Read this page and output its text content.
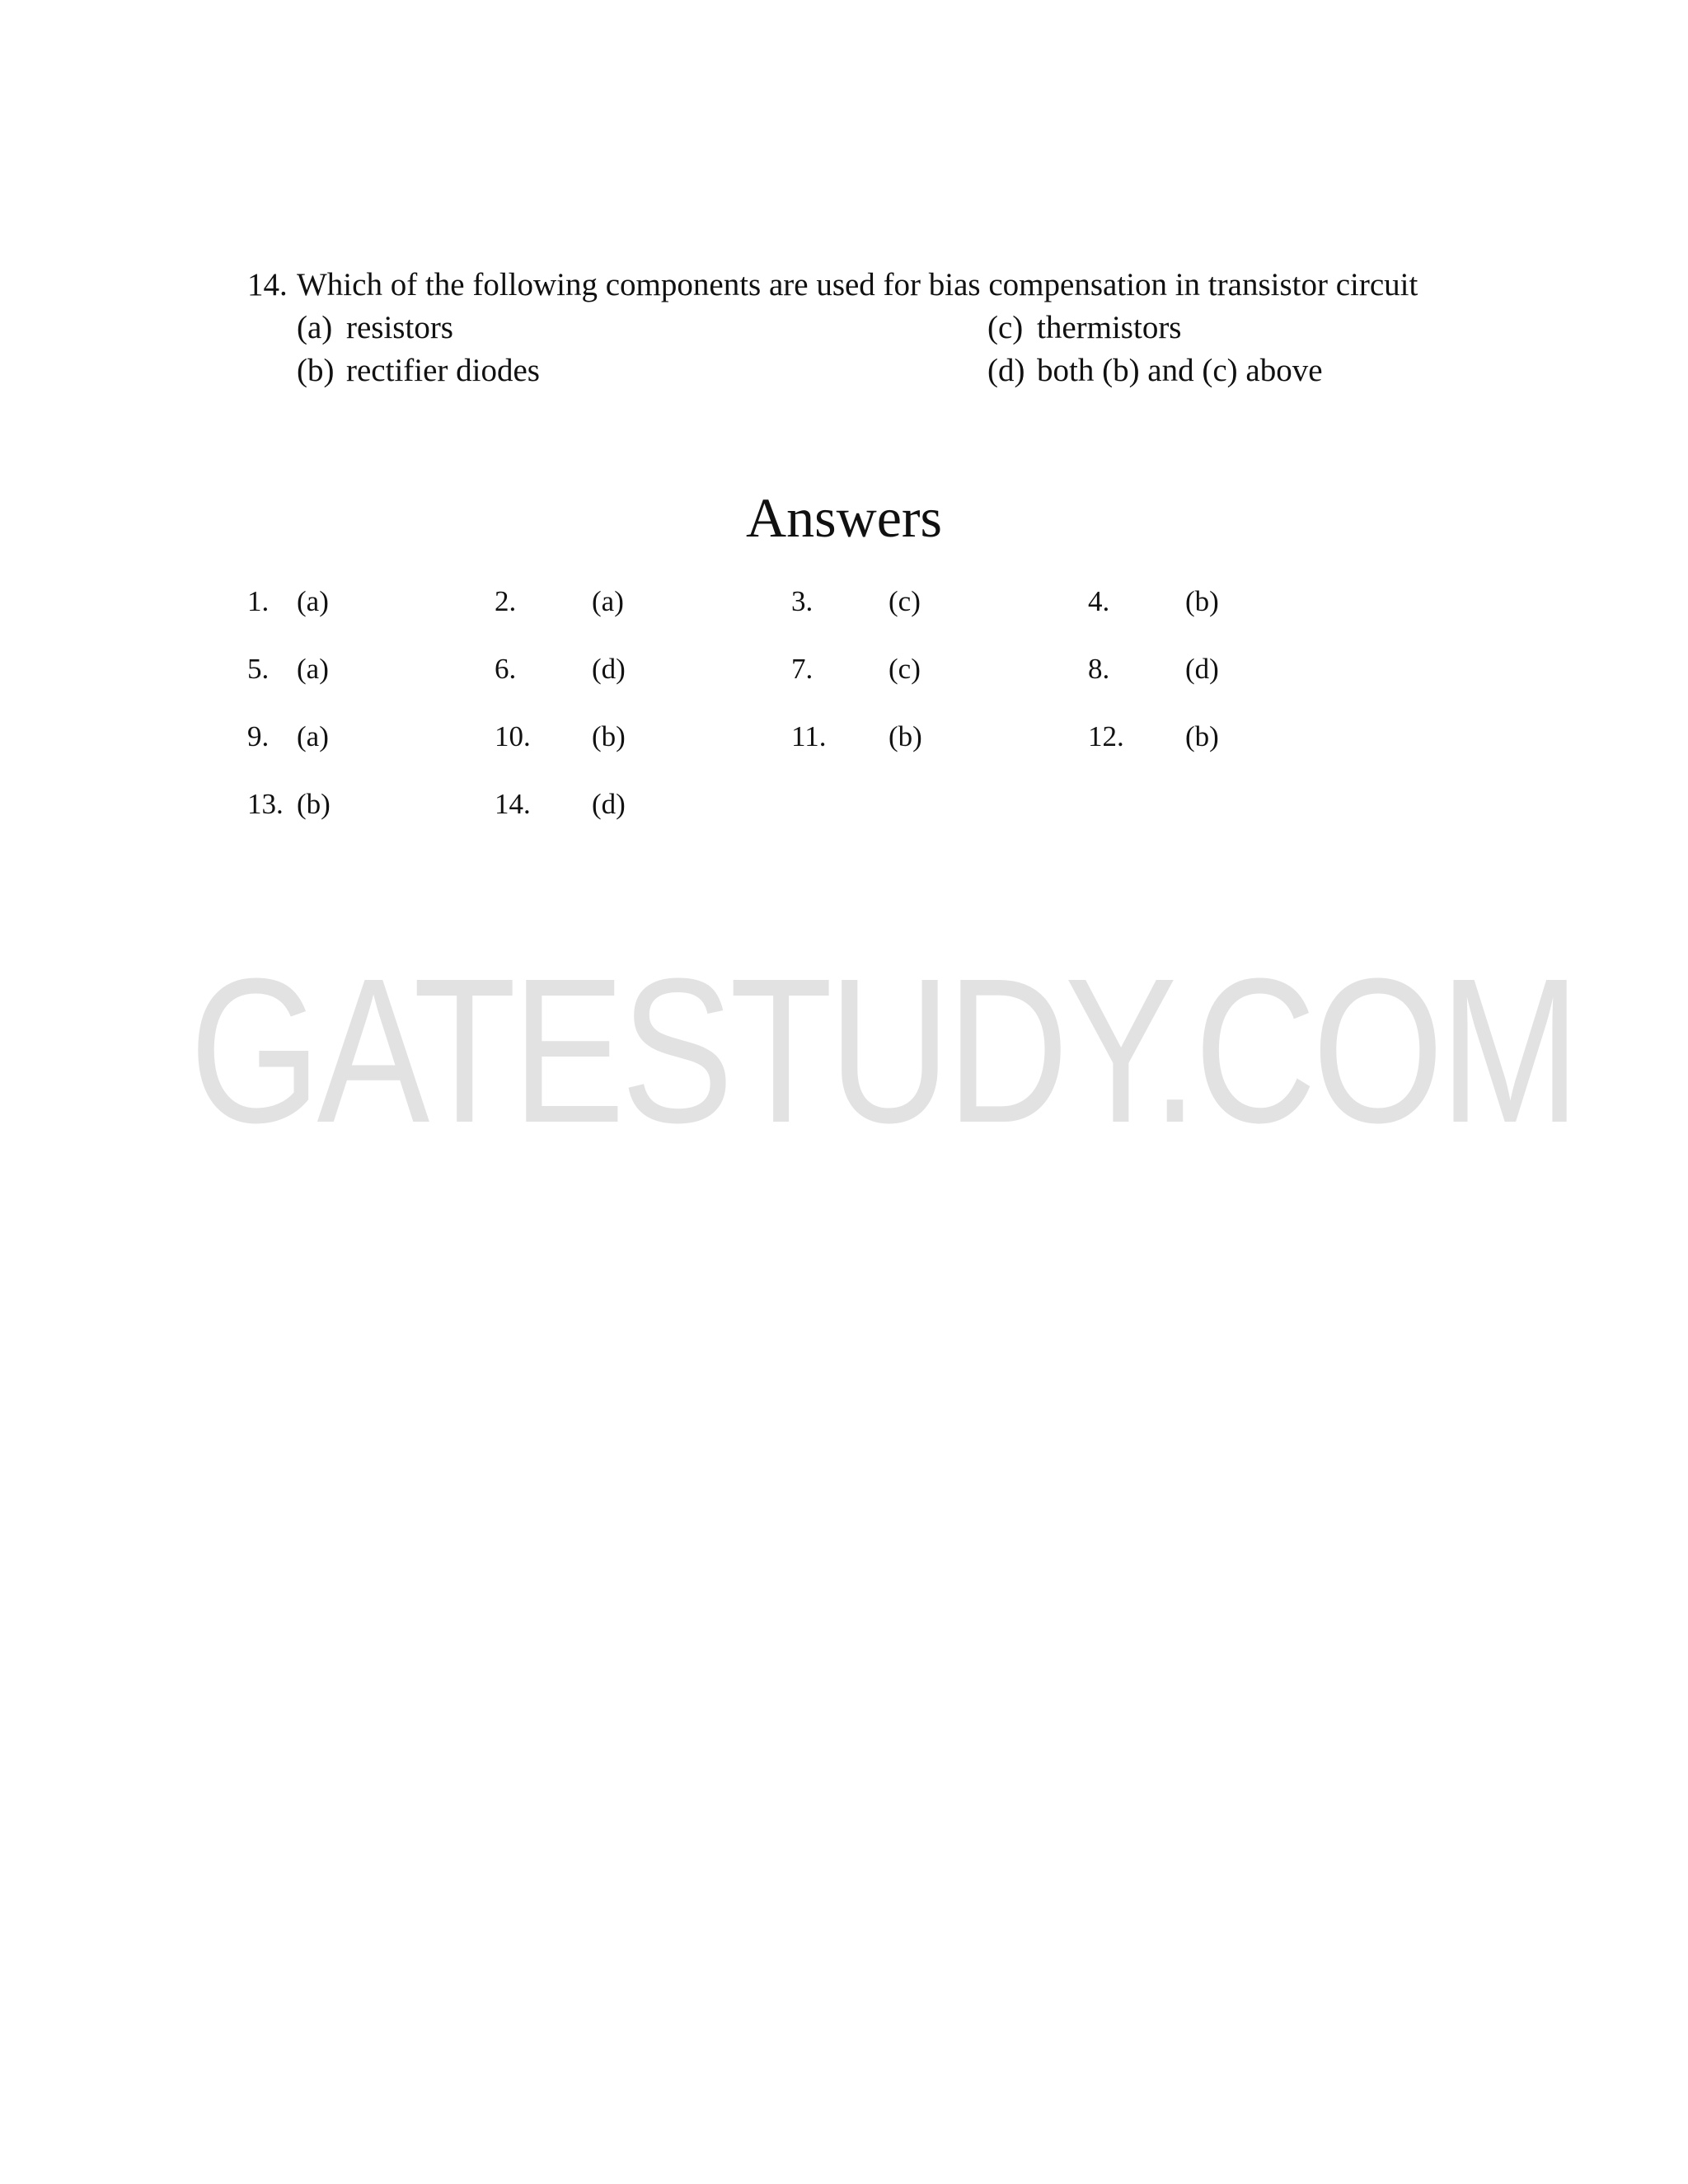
14. Which of the following components are used for bias compensation in transistor circuit
(a) resistors
(b) rectifier diodes
(c) thermistors
(d) both (b) and (c) above
Answers
1. (a)	2.	(a)	3.	(c)	4.	(b)
5. (a)	6.	(d)	7.	(c)	8.	(d)
9. (a)	10. (b)	11. (b)	12. (b)
13. (b)	14. (d)
GATESTUDY.COM
